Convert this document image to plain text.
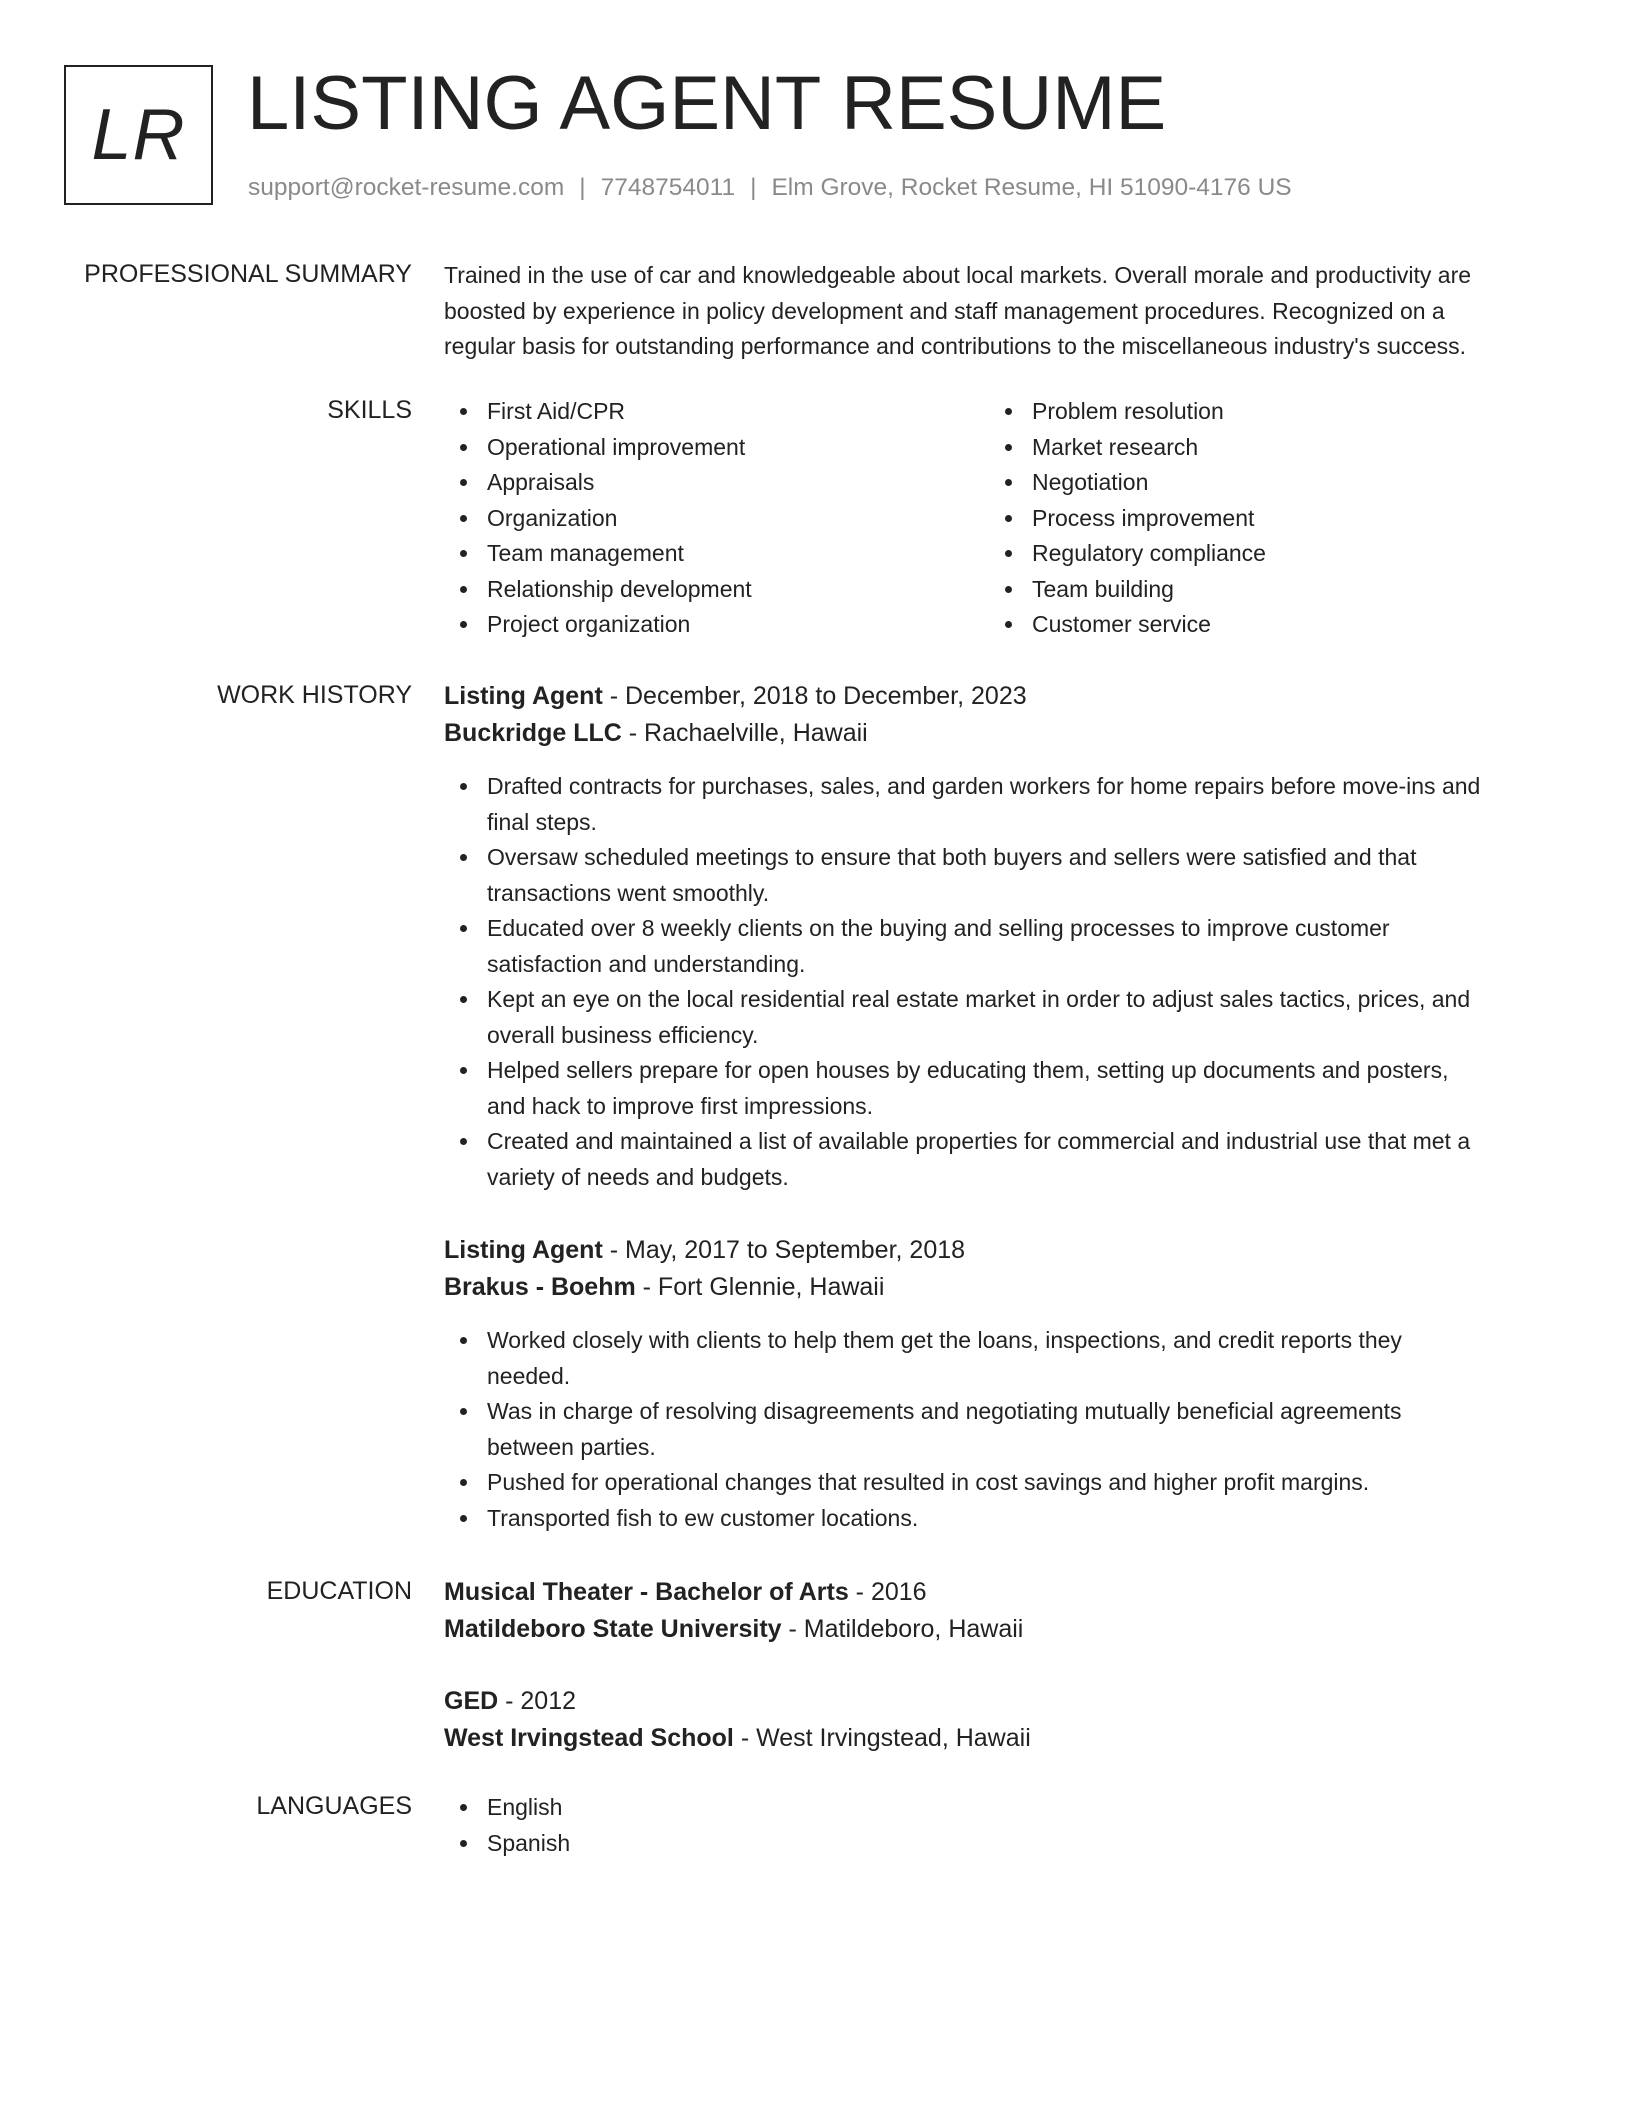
LR LISTING AGENT RESUME
support@rocket-resume.com | 7748754011 | Elm Grove, Rocket Resume, HI 51090-4176 US
PROFESSIONAL SUMMARY Trained in the use of car and knowledgeable about local markets. Overall morale and productivity are
boosted by experience in policy development and staff management procedures. Recognized on a
regular basis for outstanding performance and contributions to the miscellaneous industry's success.
SKILLS	First Aid/CPR
Operational improvement
Appraisals
Organization
Team management
Relationship development
Project organization
Problem resolution
Market research
Negotiation
Process improvement
Regulatory compliance
Team building
Customer service
WORK HISTORY Listing Agent - December, 2018 to December, 2023
Buckridge LLC - Rachaelville, Hawaii
Drafted contracts for purchases, sales, and garden workers for home repairs before move-ins and
final steps.
Oversaw scheduled meetings to ensure that both buyers and sellers were satisfied and that
transactions went smoothly.
Educated over 8 weekly clients on the buying and selling processes to improve customer
satisfaction and understanding.
Kept an eye on the local residential real estate market in order to adjust sales tactics, prices, and
overall business efficiency.
Helped sellers prepare for open houses by educating them, setting up documents and posters,
and hack to improve first impressions.
Created and maintained a list of available properties for commercial and industrial use that met a
variety of needs and budgets.
Listing Agent - May, 2017 to September, 2018
Brakus - Boehm - Fort Glennie, Hawaii
Worked closely with clients to help them get the loans, inspections, and credit reports they
needed.
Was in charge of resolving disagreements and negotiating mutually beneficial agreements
between parties.
Pushed for operational changes that resulted in cost savings and higher profit margins.
Transported fish to ew customer locations.
EDUCATION Musical Theater - Bachelor of Arts - 2016
Matildeboro State University - Matildeboro, Hawaii
GED - 2012
West Irvingstead School - West Irvingstead, Hawaii
LANGUAGES	English
Spanish
